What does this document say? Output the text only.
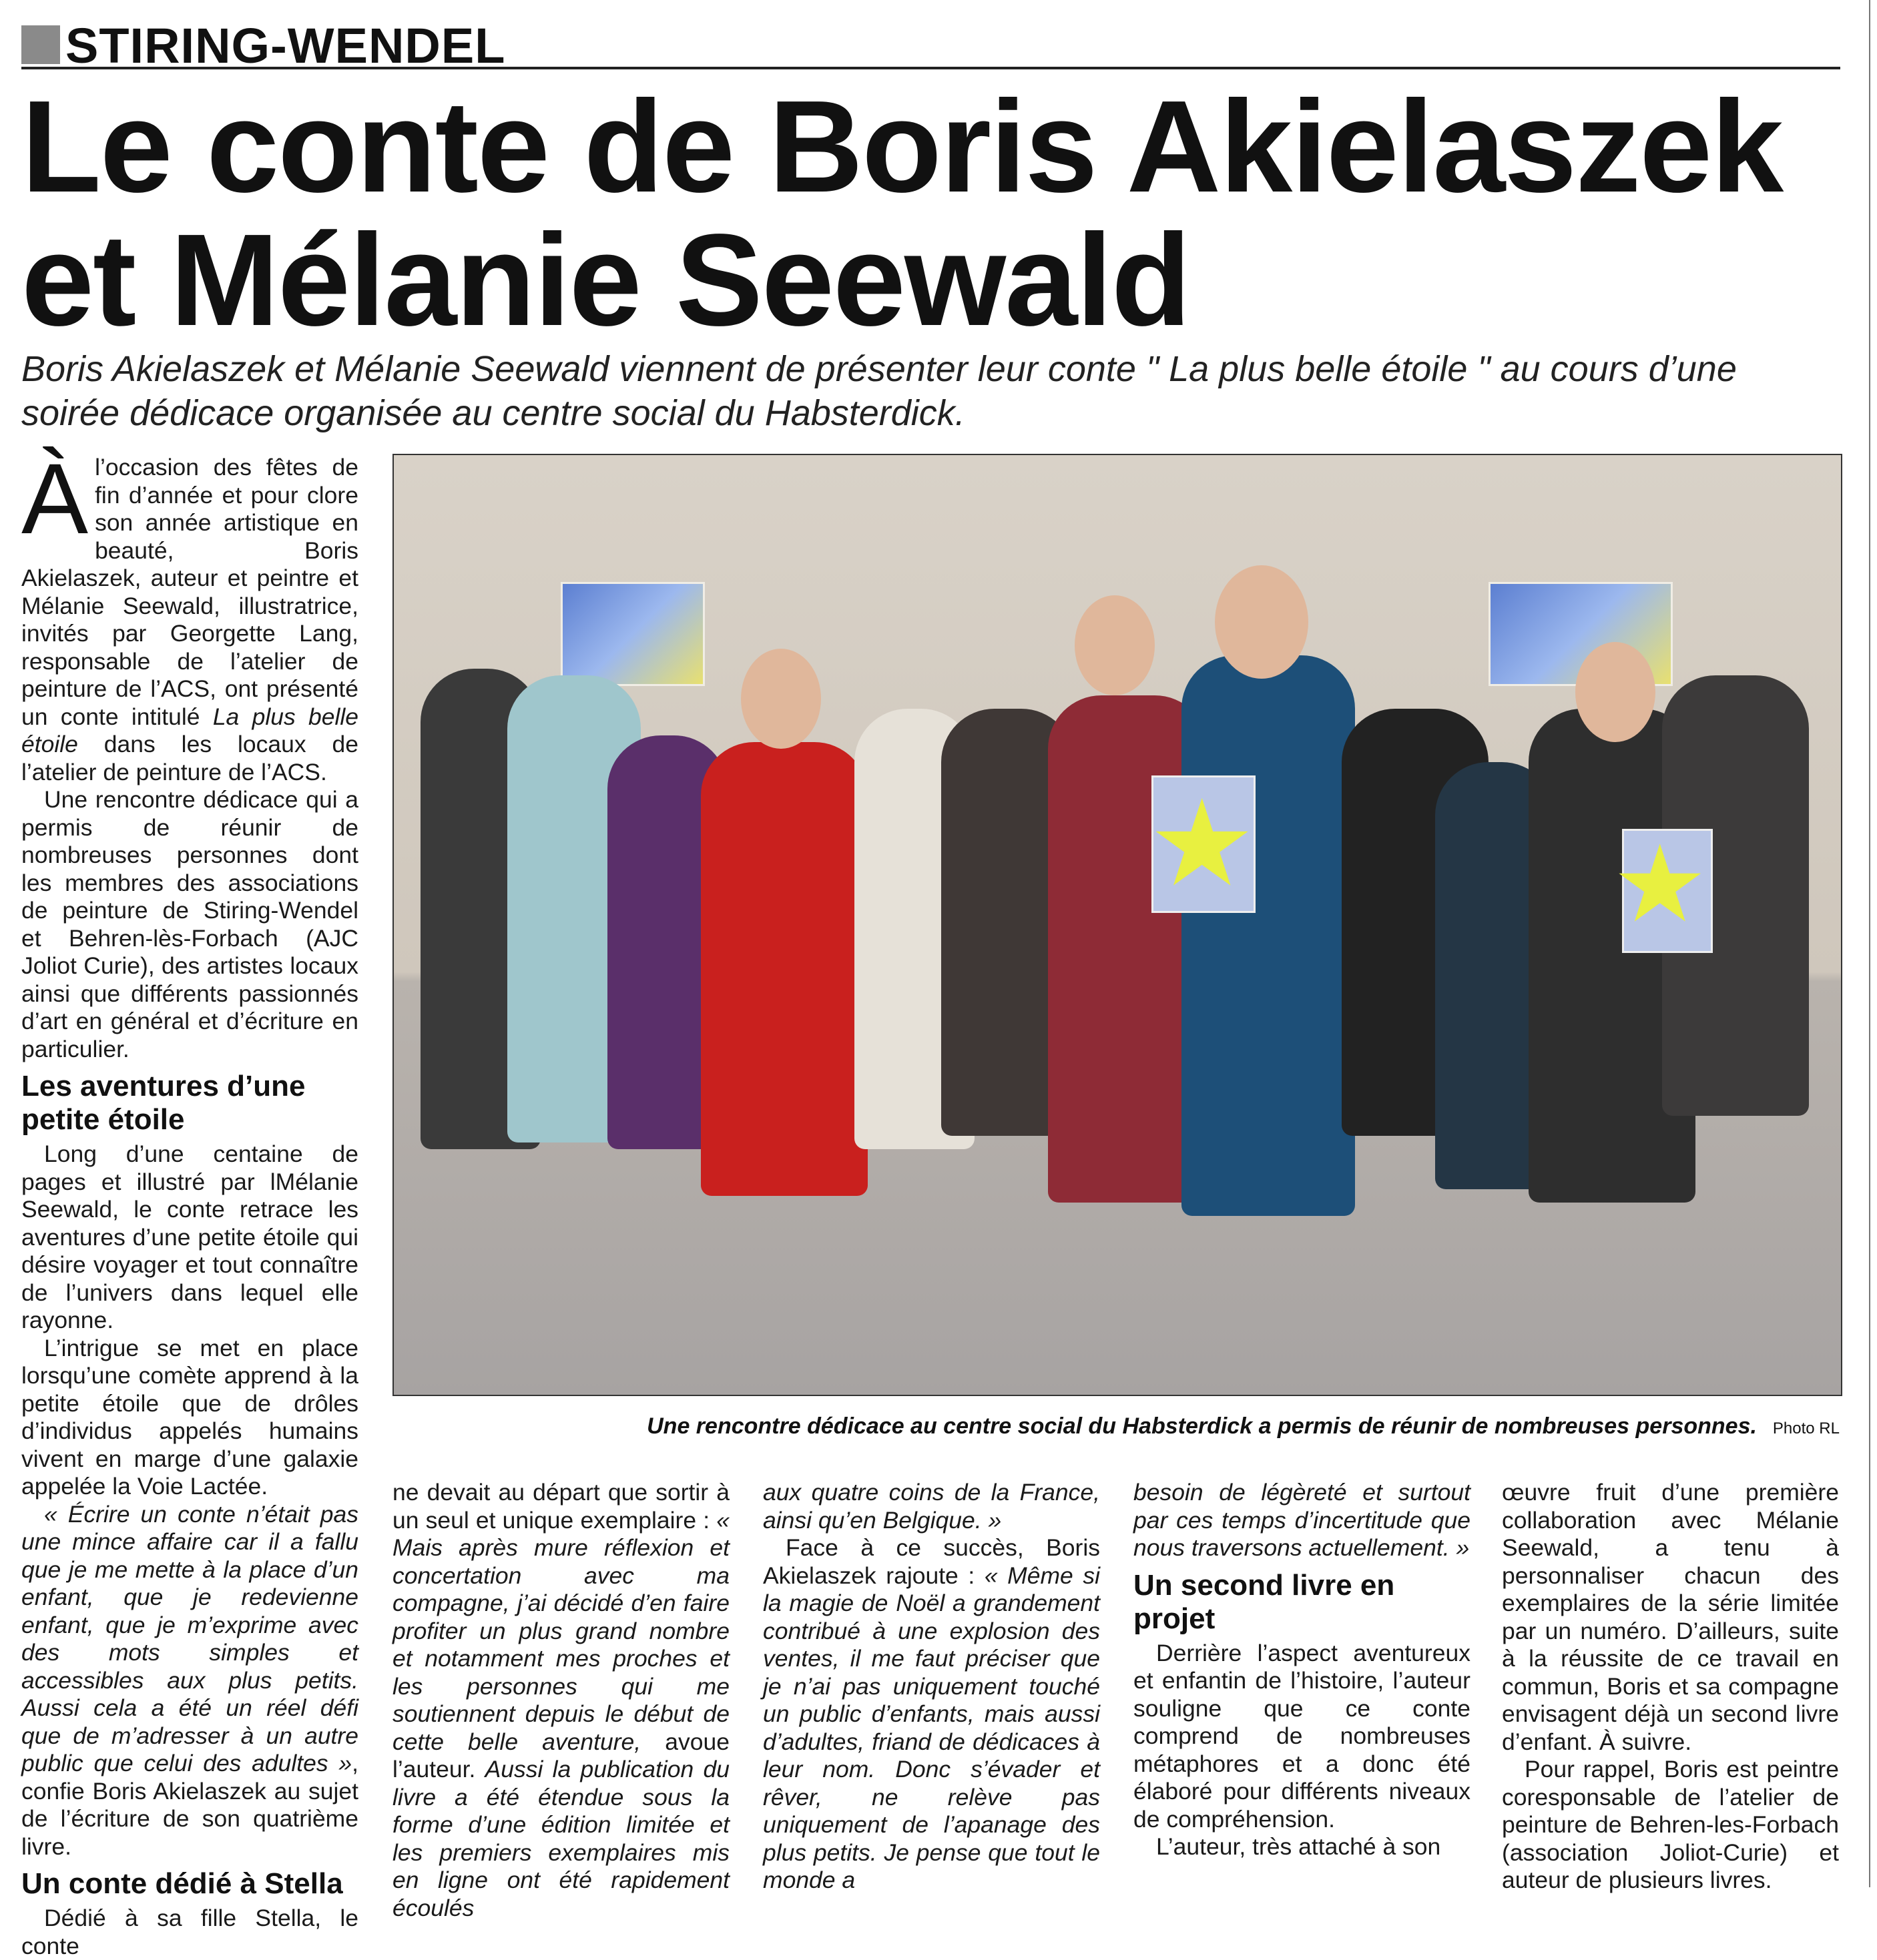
STIRING-WENDEL
Le conte de Boris Akielaszek
et Mélanie Seewald
Boris Akielaszek et Mélanie Seewald viennent de présenter leur conte " La plus belle étoile " au cours d’une soirée dédicace organisée au centre social du Habsterdick.
★	★
Une rencontre dédicace au centre social du Habsterdick a permis de réunir de nombreuses personnes. Photo RL

Àl’occasion des fêtes de fin d’année et pour clore son année artistique en beauté, Boris Akielaszek, auteur et peintre et Mélanie Seewald, illustratrice, invités par Georgette Lang, responsable de l’atelier de peinture de l’ACS, ont présenté un conte intitulé La plus belle étoile dans les locaux de l’atelier de peinture de l’ACS.

Une rencontre dédicace qui a permis de réunir de nombreuses personnes dont les membres des associations de peinture de Stiring-Wendel et Behren-lès-Forbach (AJC Joliot Curie), des artistes locaux ainsi que différents passionnés d’art en général et d’écriture en particulier.

Les aventures d’une petite étoile

Long d’une centaine de pages et illustré par lMélanie Seewald, le conte retrace les aventures d’une petite étoile qui désire voyager et tout connaître de l’univers dans lequel elle rayonne.

L’intrigue se met en place lorsqu’une comète apprend à la petite étoile que de drôles d’individus appelés humains vivent en marge d’une galaxie appelée la Voie Lactée.

« Écrire un conte n’était pas une mince affaire car il a fallu que je me mette à la place d’un enfant, que je redevienne enfant, que je m’exprime avec des mots simples et accessibles aux plus petits. Aussi cela a été un réel défi que de m’adresser à un autre public que celui des adultes », confie Boris Akielaszek au sujet de l’écriture de son quatrième livre.

Un conte dédié à Stella

Dédié à sa fille Stella, le conte

ne devait au départ que sortir à un seul et unique exemplaire : « Mais après mure réflexion et concertation avec ma compagne, j’ai décidé d’en faire profiter un plus grand nombre et notamment mes proches et les personnes qui me soutiennent depuis le début de cette belle aventure, avoue l’auteur. Aussi la publication du livre a été étendue sous la forme d’une édition limitée et les premiers exemplaires mis en ligne ont été rapidement écoulés

aux quatre coins de la France, ainsi qu’en Belgique. »

Face à ce succès, Boris Akielaszek rajoute : « Même si la magie de Noël a grandement contribué à une explosion des ventes, il me faut préciser que je n’ai pas uniquement touché un public d’enfants, mais aussi d’adultes, friand de dédicaces à leur nom. Donc s’évader et rêver, ne relève pas uniquement de l’apanage des plus petits. Je pense que tout le monde a

besoin de légèreté et surtout par ces temps d’incertitude que nous traversons actuellement. »

Un second livre en projet

Derrière l’aspect aventureux et enfantin de l’histoire, l’auteur souligne que ce conte comprend de nombreuses métaphores et a donc été élaboré pour différents niveaux de compréhension.

L’auteur, très attaché à son

œuvre fruit d’une première collaboration avec Mélanie Seewald, a tenu à personnaliser chacun des exemplaires de la série limitée par un numéro. D’ailleurs, suite à la réussite de ce travail en commun, Boris et sa compagne envisagent déjà un second livre d’enfant. À suivre.

Pour rappel, Boris est peintre coresponsable de l’atelier de peinture de Behren-les-Forbach (association Joliot-Curie) et auteur de plusieurs livres.
